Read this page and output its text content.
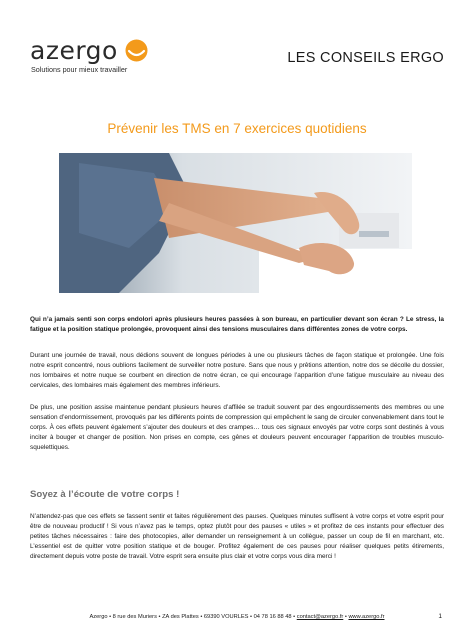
azergo
Solutions pour mieux travailler
LES CONSEILS ERGO
Prévenir les TMS en 7 exercices quotidiens
Qui n’a jamais senti son corps endolori après plusieurs heures passées à son bureau, en particulier devant son écran ? Le stress, la fatigue et la position statique prolongée, provoquent ainsi des tensions musculaires dans différentes zones de votre corps.
Durant une journée de travail, nous dédions souvent de longues périodes à une ou plusieurs tâches de façon statique et prolongée. Une fois notre esprit concentré, nous oublions facilement de surveiller notre posture. Sans que nous y prêtions attention, notre dos se décolle du dossier, nos lombaires et notre nuque se courbent en direction de notre écran, ce qui encourage l’apparition d’une fatigue musculaire au niveau des cervicales, des lombaires mais également des membres inférieurs.
De plus, une position assise maintenue pendant plusieurs heures d’affilée se traduit souvent par des engourdissements des membres ou une sensation d’endormissement, provoqués par les différents points de compression qui empêchent le sang de circuler convenablement dans tout le corps. À ces effets peuvent également s’ajouter des douleurs et des crampes… tous ces signaux envoyés par votre corps sont destinés à vous inciter à bouger et changer de position. Non prises en compte, ces gênes et douleurs peuvent encourager l’apparition de troubles musculo-squelettiques.
Soyez à l’écoute de votre corps !
N’attendez-pas que ces effets se fassent sentir et faites régulièrement des pauses. Quelques minutes suffisent à votre corps et votre esprit pour être de nouveau productif ! Si vous n’avez pas le temps, optez plutôt pour des pauses « utiles » et profitez de ces instants pour effectuer des petites tâches nécessaires : faire des photocopies, aller demander un renseignement à un collègue, passer un coup de fil en marchant, etc. L’essentiel est de quitter votre position statique et de bouger. Profitez également de ces pauses pour réaliser quelques petits étirements, directement depuis votre poste de travail. Votre esprit sera ensuite plus clair et votre corps vous dira merci !
Azergo • 8 rue des Muriers • ZA des Plattes • 69390 VOURLES • 04 78 16 88 48 • contact@azergo.fr • www.azergo.fr	1
